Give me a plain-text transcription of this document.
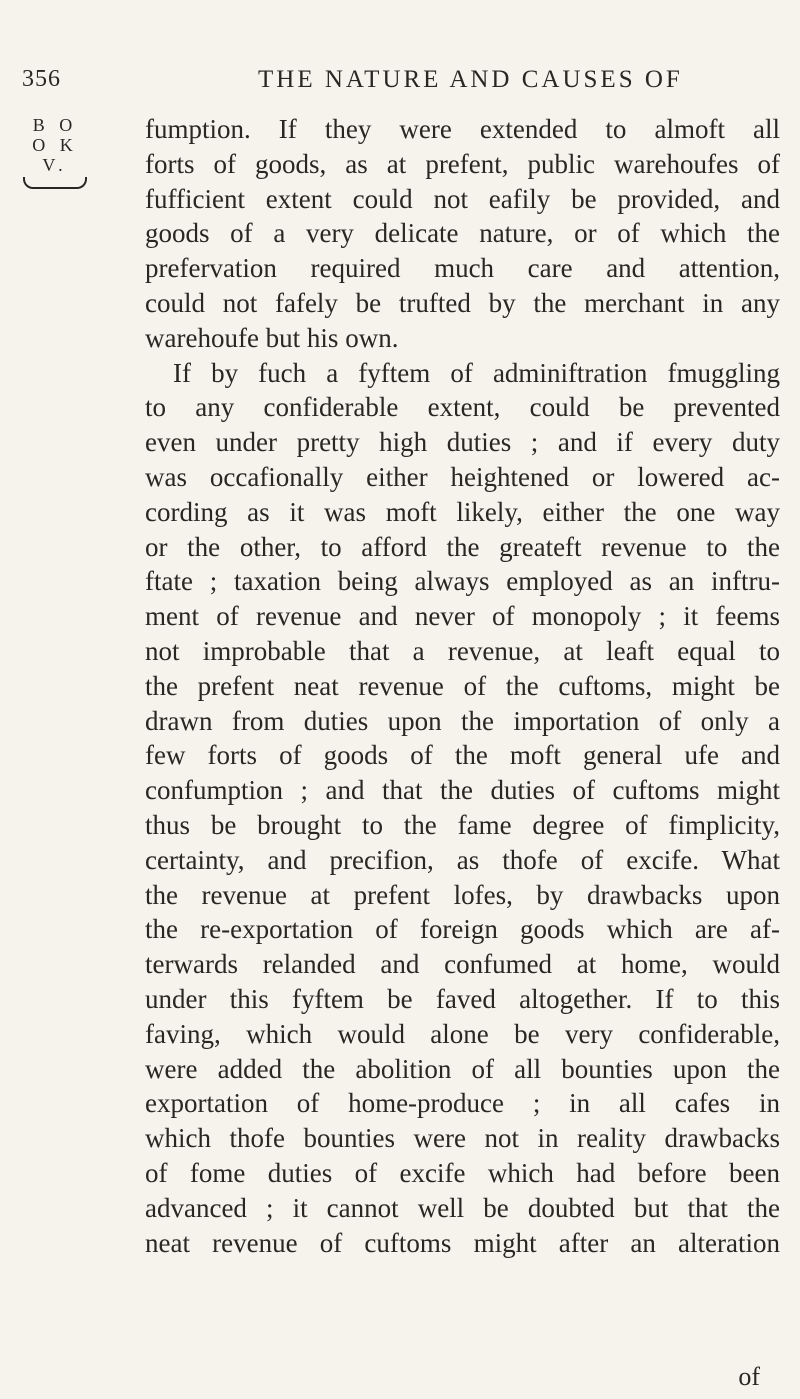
356	THE NATURE AND CAUSES OF
B O O K
V.
fumption. If they were extended to almoft all
forts of goods, as at prefent, public warehoufes of
fufficient extent could not eafily be provided, and
goods of a very delicate nature, or of which the
prefervation required much care and attention,
could not fafely be trufted by the merchant in any
warehoufe but his own.
If by fuch a fyftem of adminiftration fmuggling
to any confiderable extent, could be prevented
even under pretty high duties ; and if every duty
was occafionally either heightened or lowered ac-
cording as it was moft likely, either the one way
or the other, to afford the greateft revenue to the
ftate ; taxation being always employed as an inftru-
ment of revenue and never of monopoly ; it feems
not improbable that a revenue, at leaft equal to
the prefent neat revenue of the cuftoms, might be
drawn from duties upon the importation of only a
few forts of goods of the moft general ufe and
confumption ; and that the duties of cuftoms might
thus be brought to the fame degree of fimplicity,
certainty, and precifion, as thofe of excife. What
the revenue at prefent lofes, by drawbacks upon
the re-exportation of foreign goods which are af-
terwards relanded and confumed at home, would
under this fyftem be faved altogether. If to this
faving, which would alone be very confiderable,
were added the abolition of all bounties upon the
exportation of home-produce ; in all cafes in
which thofe bounties were not in reality drawbacks
of fome duties of excife which had before been
advanced ; it cannot well be doubted but that the
neat revenue of cuftoms might after an alteration
of
